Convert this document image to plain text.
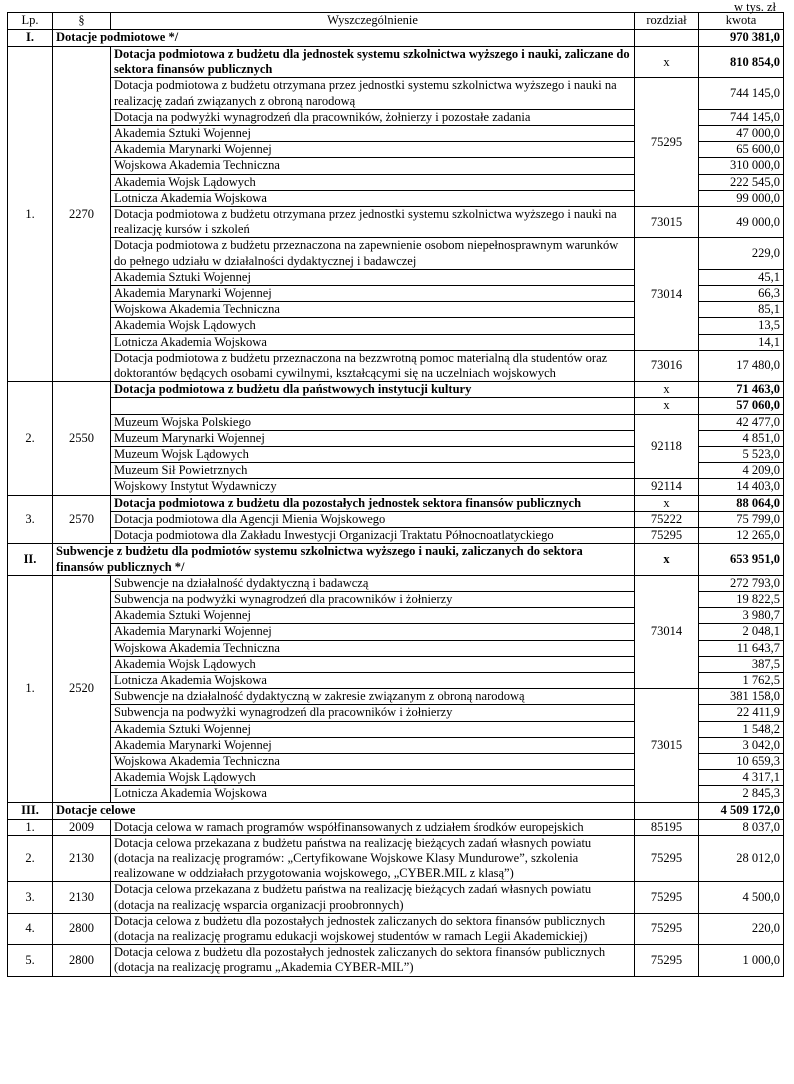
w tys. zł
Lp.	§	Wyszczególnienie	rozdział	kwota
I.	Dotacje podmiotowe */			970 381,0
1.	2270	Dotacja podmiotowa z budżetu dla jednostek systemu szkolnictwa wyższego i nauki, zaliczane do sektora finansów publicznych	x	810 854,0
		Dotacja podmiotowa z budżetu otrzymana przez jednostki systemu szkolnictwa wyższego i nauki na realizację zadań związanych z obroną narodową	75295	744 145,0
		Dotacja na podwyżki wynagrodzeń dla pracowników, żołnierzy i pozostałe zadania		744 145,0
		Akademia Sztuki Wojennej		47 000,0
		Akademia Marynarki Wojennej		65 600,0
		Wojskowa Akademia Techniczna		310 000,0
		Akademia Wojsk Lądowych		222 545,0
		Lotnicza Akademia Wojskowa		99 000,0
		Dotacja podmiotowa z budżetu otrzymana przez jednostki systemu szkolnictwa wyższego i nauki na realizację kursów i szkoleń	73015	49 000,0
		Dotacja podmiotowa z budżetu przeznaczona na zapewnienie osobom niepełnosprawnym warunków do pełnego udziału w działalności dydaktycznej i badawczej	73014	229,0
		Akademia Sztuki Wojennej		45,1
		Akademia Marynarki Wojennej		66,3
		Wojskowa Akademia Techniczna		85,1
		Akademia Wojsk Lądowych		13,5
		Lotnicza Akademia Wojskowa		14,1
		Dotacja podmiotowa z budżetu przeznaczona na bezzwrotną pomoc materialną dla studentów oraz doktorantów będących osobami cywilnymi, kształcącymi się na uczelniach wojskowych	73016	17 480,0
2.	2550	Dotacja podmiotowa z budżetu dla państwowych instytucji kultury	x	71 463,0
			x	57 060,0
		Muzeum Wojska Polskiego	92118	42 477,0
		Muzeum Marynarki Wojennej		4 851,0
		Muzeum Wojsk Lądowych		5 523,0
		Muzeum Sił Powietrznych		4 209,0
		Wojskowy Instytut Wydawniczy	92114	14 403,0
3.	2570	Dotacja podmiotowa z budżetu dla pozostałych jednostek sektora finansów publicznych	x	88 064,0
		Dotacja podmiotowa dla Agencji Mienia Wojskowego	75222	75 799,0
		Dotacja podmiotowa dla Zakładu Inwestycji Organizacji Traktatu Północnoatlatyckiego	75295	12 265,0
II.	Subwencje z budżetu dla podmiotów systemu szkolnictwa wyższego i nauki, zaliczanych do sektora finansów publicznych */		x	653 951,0
1.	2520	Subwencje na działalność dydaktyczną i badawczą	73014	272 793,0
		Subwencja na podwyżki wynagrodzeń dla pracowników i żołnierzy		19 822,5
		Akademia Sztuki Wojennej		3 980,7
		Akademia Marynarki Wojennej		2 048,1
		Wojskowa Akademia Techniczna		11 643,7
		Akademia Wojsk Lądowych		387,5
		Lotnicza Akademia Wojskowa		1 762,5
		Subwencje na działalność dydaktyczną w zakresie związanym z obroną narodową	73015	381 158,0
		Subwencja na podwyżki wynagrodzeń dla pracowników i żołnierzy		22 411,9
		Akademia Sztuki Wojennej		1 548,2
		Akademia Marynarki Wojennej		3 042,0
		Wojskowa Akademia Techniczna		10 659,3
		Akademia Wojsk Lądowych		4 317,1
		Lotnicza Akademia Wojskowa		2 845,3
III.	Dotacje celowe			4 509 172,0
1.	2009	Dotacja celowa w ramach programów współfinansowanych z udziałem środków europejskich	85195	8 037,0
2.	2130	Dotacja celowa przekazana z budżetu państwa na realizację bieżących zadań własnych powiatu (dotacja na realizację programów: „Certyfikowane Wojskowe Klasy Mundurowe”, szkolenia realizowane w oddziałach przygotowania wojskowego, „CYBER.MIL z klasą”)	75295	28 012,0
3.	2130	Dotacja celowa przekazana z budżetu państwa na realizację bieżących zadań własnych powiatu (dotacja na realizację wsparcia organizacji proobronnych)	75295	4 500,0
4.	2800	Dotacja celowa z budżetu dla pozostałych jednostek zaliczanych do sektora finansów publicznych (dotacja na realizację programu edukacji wojskowej studentów w ramach Legii Akademickiej)	75295	220,0
5.	2800	Dotacja celowa z budżetu dla pozostałych jednostek zaliczanych do sektora finansów publicznych (dotacja na realizację programu „Akademia CYBER-MIL”)	75295	1 000,0
